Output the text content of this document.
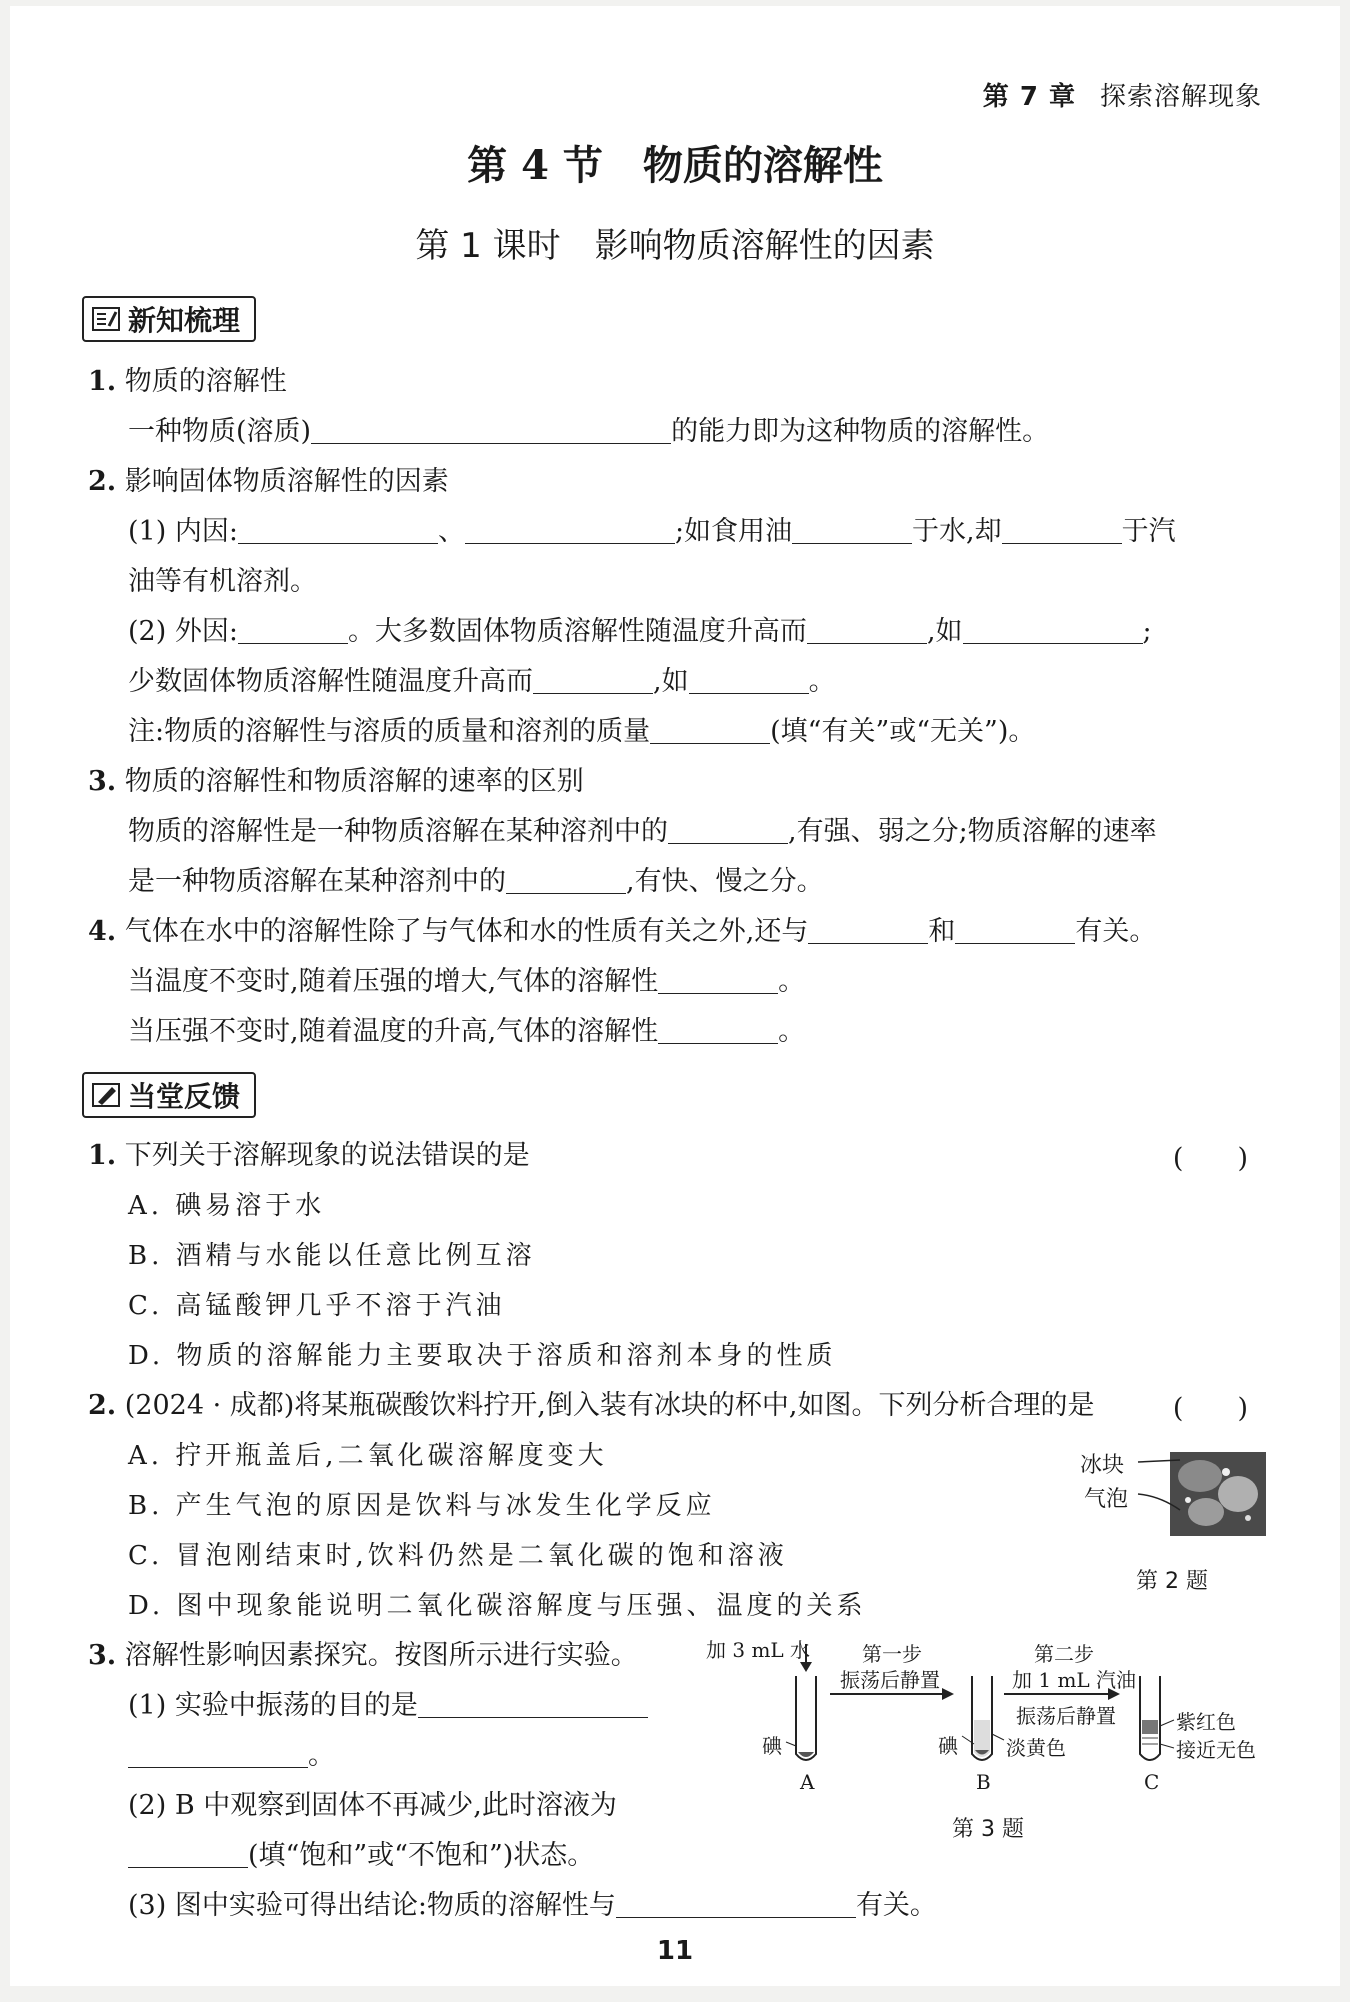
第 7 章 探索溶解现象
第 4 节　物质的溶解性
第 1 课时　影响物质溶解性的因素
新知梳理
1. 物质的溶解性
一种物质(溶质)	的能力即为这种物质的溶解性。
2. 影响固体物质溶解性的因素
(1) 内因:	、	;如食用油	于水,却	于汽
油等有机溶剂。
(2) 外因:	。大多数固体物质溶解性随温度升高而	,如	;
少数固体物质溶解性随温度升高而	,如	。
注:物质的溶解性与溶质的质量和溶剂的质量	(填“有关”或“无关”)。
3. 物质的溶解性和物质溶解的速率的区别
物质的溶解性是一种物质溶解在某种溶剂中的	,有强、弱之分;物质溶解的速率
是一种物质溶解在某种溶剂中的	,有快、慢之分。
4. 气体在水中的溶解性除了与气体和水的性质有关之外,还与	和	有关。
当温度不变时,随着压强的增大,气体的溶解性	。
当压强不变时,随着温度的升高,气体的溶解性	。
当堂反馈
1. 下列关于溶解现象的说法错误的是	(　　)
A. 碘易溶于水
B. 酒精与水能以任意比例互溶
C. 高锰酸钾几乎不溶于汽油
D. 物质的溶解能力主要取决于溶质和溶剂本身的性质
2. (2024 · 成都)将某瓶碳酸饮料拧开,倒入装有冰块的杯中,如图。下列分析合理的是	(　　)
A. 拧开瓶盖后,二氧化碳溶解度变大
B. 产生气泡的原因是饮料与冰发生化学反应
C. 冒泡刚结束时,饮料仍然是二氧化碳的饱和溶液
D. 图中现象能说明二氧化碳溶解度与压强、温度的关系
冰块
气泡
第 2 题
3. 溶解性影响因素探究。按图所示进行实验。
(1) 实验中振荡的目的是
。
(2) B 中观察到固体不再减少,此时溶液为
(填“饱和”或“不饱和”)状态。
(3) 图中实验可得出结论:物质的溶解性与	有关。
加 3 mL 水	第一步
振荡后静置
第二步
加 1 mL 汽油
振荡后静置
碘	碘 淡黄色
紫红色
接近无色
A	B	C
第 3 题
11
